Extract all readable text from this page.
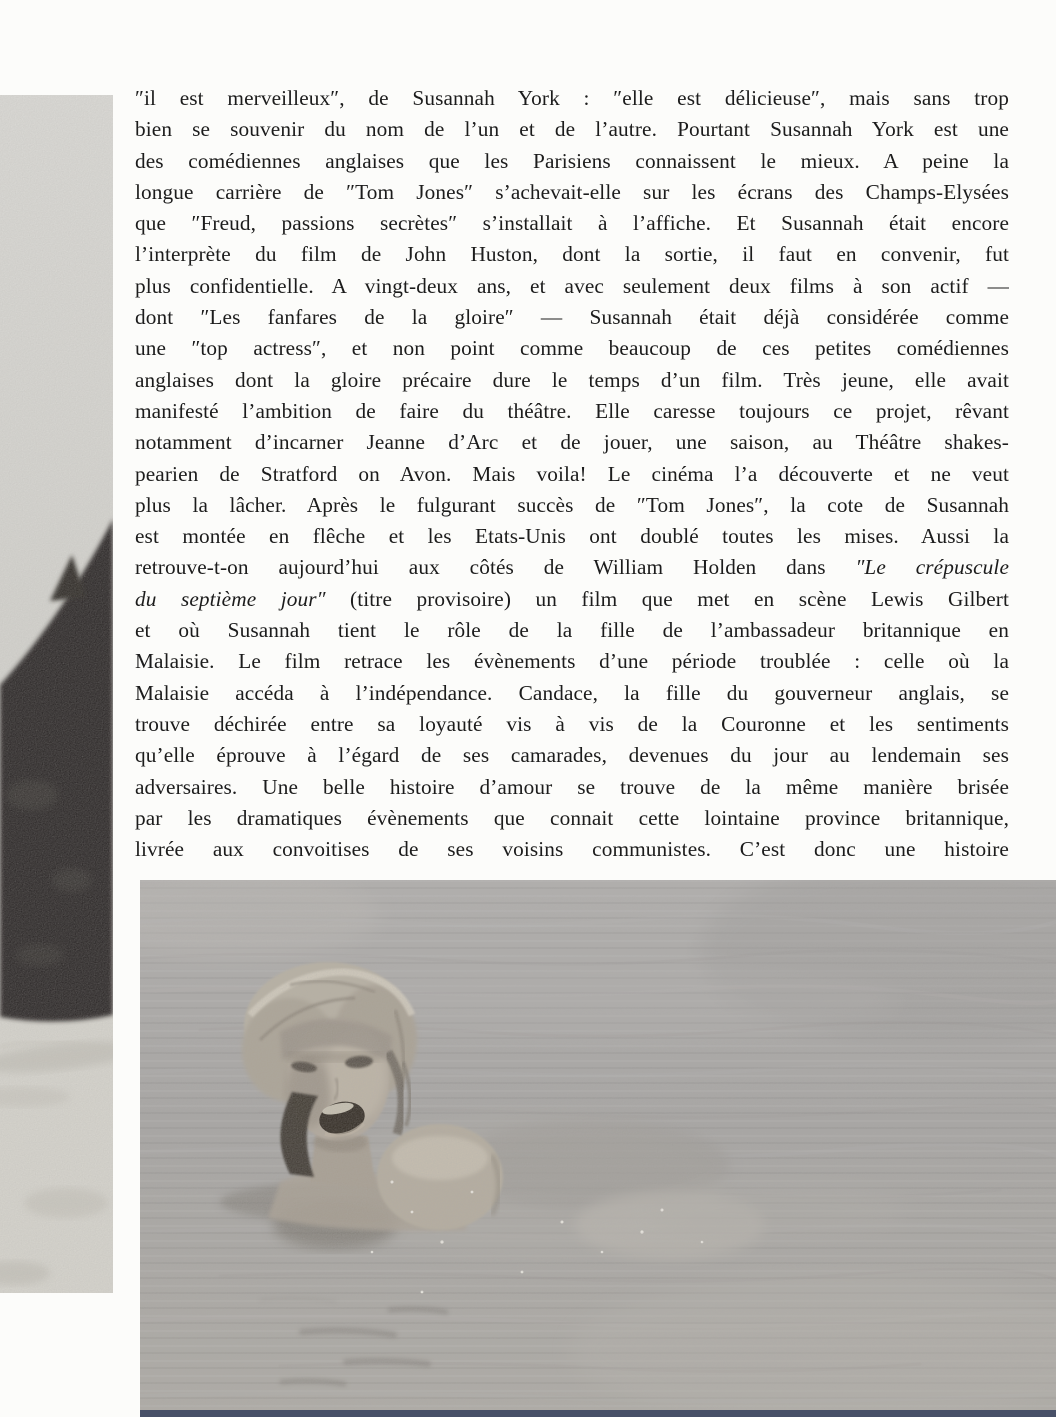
″il est merveilleux″, de Susannah York : ″elle est délicieuse″, mais sans trop
bien se souvenir du nom de l’un et de l’autre. Pourtant Susannah York est une
des comédiennes anglaises que les Parisiens connaissent le mieux. A peine la
longue carrière de ″Tom Jones″ s’achevait-elle sur les écrans des Champs-Elysées
que ″Freud, passions secrètes″ s’installait à l’affiche. Et Susannah était encore
l’interprète du film de John Huston, dont la sortie, il faut en convenir, fut
plus confidentielle. A vingt-deux ans, et avec seulement deux films à son actif —
dont ″Les fanfares de la gloire″ — Susannah était déjà considérée comme
une ″top actress″, et non point comme beaucoup de ces petites comédiennes
anglaises dont la gloire précaire dure le temps d’un film. Très jeune, elle avait
manifesté l’ambition de faire du théâtre. Elle caresse toujours ce projet, rêvant
notamment d’incarner Jeanne d’Arc et de jouer, une saison, au Théâtre shakes-
pearien de Stratford on Avon. Mais voila! Le cinéma l’a découverte et ne veut
plus la lâcher. Après le fulgurant succès de ″Tom Jones″, la cote de Susannah
est montée en flêche et les Etats-Unis ont doublé toutes les mises. Aussi la
retrouve-t-on aujourd’hui aux côtés de William Holden dans ″Le crépuscule
du septième jour″ (titre provisoire) un film que met en scène Lewis Gilbert
et où Susannah tient le rôle de la fille de l’ambassadeur britannique en
Malaisie. Le film retrace les évènements d’une période troublée : celle où la
Malaisie accéda à l’indépendance. Candace, la fille du gouverneur anglais, se
trouve déchirée entre sa loyauté vis à vis de la Couronne et les sentiments
qu’elle éprouve à l’égard de ses camarades, devenues du jour au lendemain ses
adversaires. Une belle histoire d’amour se trouve de la même manière brisée
par les dramatiques évènements que connait cette lointaine province britannique,
livrée aux convoitises de ses voisins communistes. C’est donc une histoire
